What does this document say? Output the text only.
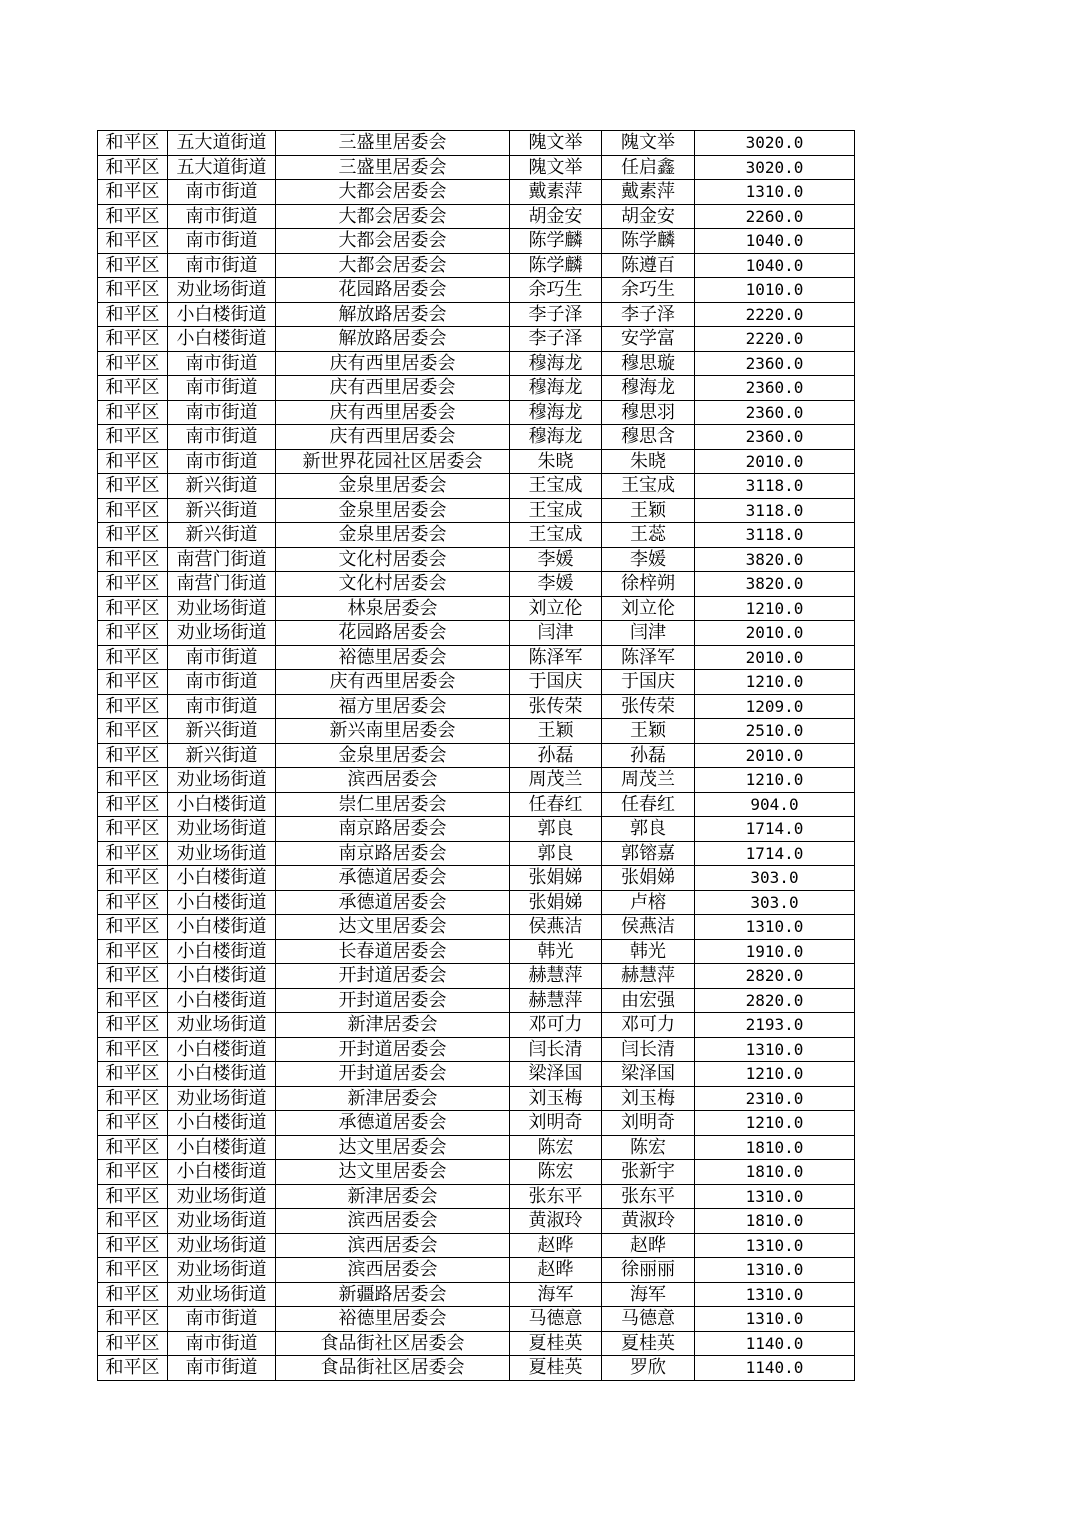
和平区	五大道街道	三盛里居委会	隗文举	隗文举	3020.0
和平区	五大道街道	三盛里居委会	隗文举	任启鑫	3020.0
和平区	南市街道	大都会居委会	戴素萍	戴素萍	1310.0
和平区	南市街道	大都会居委会	胡金安	胡金安	2260.0
和平区	南市街道	大都会居委会	陈学麟	陈学麟	1040.0
和平区	南市街道	大都会居委会	陈学麟	陈遵百	1040.0
和平区	劝业场街道	花园路居委会	余巧生	余巧生	1010.0
和平区	小白楼街道	解放路居委会	李子泽	李子泽	2220.0
和平区	小白楼街道	解放路居委会	李子泽	安学富	2220.0
和平区	南市街道	庆有西里居委会	穆海龙	穆思璇	2360.0
和平区	南市街道	庆有西里居委会	穆海龙	穆海龙	2360.0
和平区	南市街道	庆有西里居委会	穆海龙	穆思羽	2360.0
和平区	南市街道	庆有西里居委会	穆海龙	穆思含	2360.0
和平区	南市街道	新世界花园社区居委会	朱晓	朱晓	2010.0
和平区	新兴街道	金泉里居委会	王宝成	王宝成	3118.0
和平区	新兴街道	金泉里居委会	王宝成	王颖	3118.0
和平区	新兴街道	金泉里居委会	王宝成	王蕊	3118.0
和平区	南营门街道	文化村居委会	李媛	李媛	3820.0
和平区	南营门街道	文化村居委会	李媛	徐梓朔	3820.0
和平区	劝业场街道	林泉居委会	刘立伦	刘立伦	1210.0
和平区	劝业场街道	花园路居委会	闫津	闫津	2010.0
和平区	南市街道	裕德里居委会	陈泽军	陈泽军	2010.0
和平区	南市街道	庆有西里居委会	于国庆	于国庆	1210.0
和平区	南市街道	福方里居委会	张传荣	张传荣	1209.0
和平区	新兴街道	新兴南里居委会	王颖	王颖	2510.0
和平区	新兴街道	金泉里居委会	孙磊	孙磊	2010.0
和平区	劝业场街道	滨西居委会	周茂兰	周茂兰	1210.0
和平区	小白楼街道	崇仁里居委会	任春红	任春红	904.0
和平区	劝业场街道	南京路居委会	郭良	郭良	1714.0
和平区	劝业场街道	南京路居委会	郭良	郭镕嘉	1714.0
和平区	小白楼街道	承德道居委会	张娟娣	张娟娣	303.0
和平区	小白楼街道	承德道居委会	张娟娣	卢榕	303.0
和平区	小白楼街道	达文里居委会	侯燕洁	侯燕洁	1310.0
和平区	小白楼街道	长春道居委会	韩光	韩光	1910.0
和平区	小白楼街道	开封道居委会	赫慧萍	赫慧萍	2820.0
和平区	小白楼街道	开封道居委会	赫慧萍	由宏强	2820.0
和平区	劝业场街道	新津居委会	邓可力	邓可力	2193.0
和平区	小白楼街道	开封道居委会	闫长清	闫长清	1310.0
和平区	小白楼街道	开封道居委会	梁泽国	梁泽国	1210.0
和平区	劝业场街道	新津居委会	刘玉梅	刘玉梅	2310.0
和平区	小白楼街道	承德道居委会	刘明奇	刘明奇	1210.0
和平区	小白楼街道	达文里居委会	陈宏	陈宏	1810.0
和平区	小白楼街道	达文里居委会	陈宏	张新宇	1810.0
和平区	劝业场街道	新津居委会	张东平	张东平	1310.0
和平区	劝业场街道	滨西居委会	黄淑玲	黄淑玲	1810.0
和平区	劝业场街道	滨西居委会	赵晔	赵晔	1310.0
和平区	劝业场街道	滨西居委会	赵晔	徐丽丽	1310.0
和平区	劝业场街道	新疆路居委会	海军	海军	1310.0
和平区	南市街道	裕德里居委会	马德意	马德意	1310.0
和平区	南市街道	食品街社区居委会	夏桂英	夏桂英	1140.0
和平区	南市街道	食品街社区居委会	夏桂英	罗欣	1140.0
